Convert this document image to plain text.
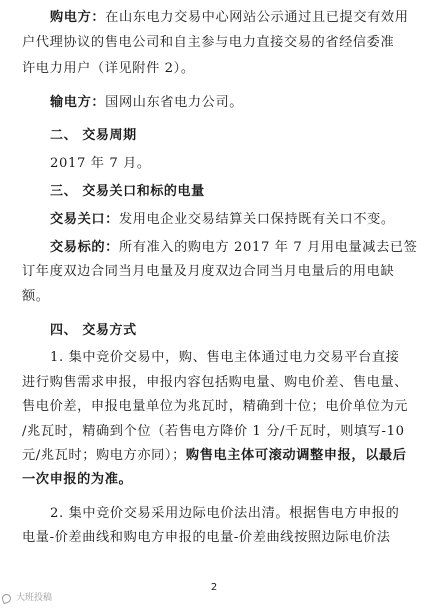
购电方：在山东电力交易中心网站公示通过且已提交有效用
户代理协议的售电公司和自主参与电力直接交易的省经信委准
许电力用户（详见附件 2）。
输电方：国网山东省电力公司。
二、 交易周期
2017 年 7 月。
三、 交易关口和标的电量
交易关口：发用电企业交易结算关口保持既有关口不变。
交易标的：所有准入的购电方 2017 年 7 月用电量减去已签
订年度双边合同当月电量及月度双边合同当月电量后的用电缺
额。
四、 交易方式
1. 集中竞价交易中，购、售电主体通过电力交易平台直接
进行购售需求申报，申报内容包括购电量、购电价差、售电量、
售电价差，申报电量单位为兆瓦时，精确到十位；电价单位为元
/兆瓦时，精确到个位（若售电方降价 1 分/千瓦时，则填写-10
元/兆瓦时；购电方亦同）；购售电主体可滚动调整申报，以最后
一次申报的为准。
2. 集中竞价交易采用边际电价法出清。根据售电方申报的
电量-价差曲线和购电方申报的电量-价差曲线按照边际电价法
2
大班投稿
